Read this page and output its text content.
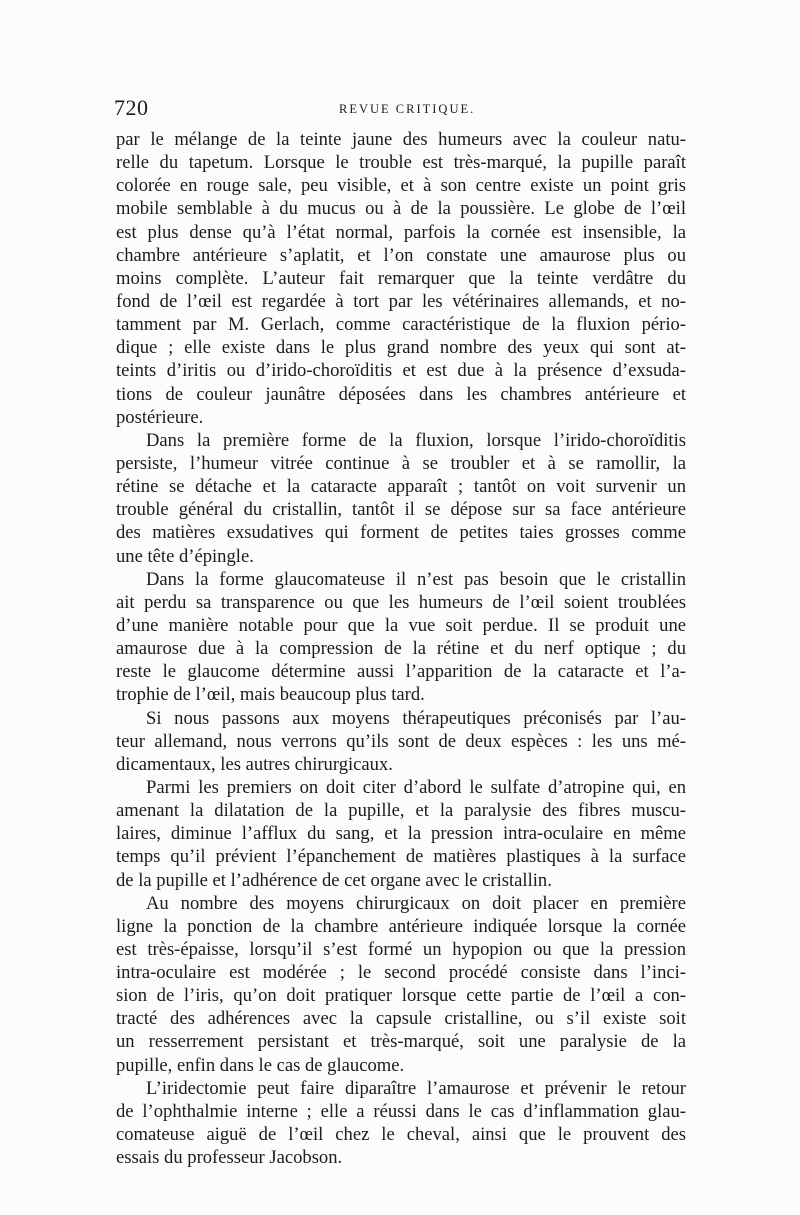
720	REVUE CRITIQUE.
par le mélange de la teinte jaune des humeurs avec la couleur natu-
relle du tapetum. Lorsque le trouble est très-marqué, la pupille paraît
colorée en rouge sale, peu visible, et à son centre existe un point gris
mobile semblable à du mucus ou à de la poussière. Le globe de l’œil
est plus dense qu’à l’état normal, parfois la cornée est insensible, la
chambre antérieure s’aplatit, et l’on constate une amaurose plus ou
moins complète. L’auteur fait remarquer que la teinte verdâtre du
fond de l’œil est regardée à tort par les vétérinaires allemands, et no-
tamment par M. Gerlach, comme caractéristique de la fluxion pério-
dique ; elle existe dans le plus grand nombre des yeux qui sont at-
teints d’iritis ou d’irido-choroïditis et est due à la présence d’exsuda-
tions de couleur jaunâtre déposées dans les chambres antérieure et
postérieure.
Dans la première forme de la fluxion, lorsque l’irido-choroïditis
persiste, l’humeur vitrée continue à se troubler et à se ramollir, la
rétine se détache et la cataracte apparaît ; tantôt on voit survenir un
trouble général du cristallin, tantôt il se dépose sur sa face antérieure
des matières exsudatives qui forment de petites taies grosses comme
une tête d’épingle.
Dans la forme glaucomateuse il n’est pas besoin que le cristallin
ait perdu sa transparence ou que les humeurs de l’œil soient troublées
d’une manière notable pour que la vue soit perdue. Il se produit une
amaurose due à la compression de la rétine et du nerf optique ; du
reste le glaucome détermine aussi l’apparition de la cataracte et l’a-
trophie de l’œil, mais beaucoup plus tard.
Si nous passons aux moyens thérapeutiques préconisés par l’au-
teur allemand, nous verrons qu’ils sont de deux espèces : les uns mé-
dicamentaux, les autres chirurgicaux.
Parmi les premiers on doit citer d’abord le sulfate d’atropine qui, en
amenant la dilatation de la pupille, et la paralysie des fibres muscu-
laires, diminue l’afflux du sang, et la pression intra-oculaire en même
temps qu’il prévient l’épanchement de matières plastiques à la surface
de la pupille et l’adhérence de cet organe avec le cristallin.
Au nombre des moyens chirurgicaux on doit placer en première
ligne la ponction de la chambre antérieure indiquée lorsque la cornée
est très-épaisse, lorsqu’il s’est formé un hypopion ou que la pression
intra-oculaire est modérée ; le second procédé consiste dans l’inci-
sion de l’iris, qu’on doit pratiquer lorsque cette partie de l’œil a con-
tracté des adhérences avec la capsule cristalline, ou s’il existe soit
un resserrement persistant et très-marqué, soit une paralysie de la
pupille, enfin dans le cas de glaucome.
L’iridectomie peut faire diparaître l’amaurose et prévenir le retour
de l’ophthalmie interne ; elle a réussi dans le cas d’inflammation glau-
comateuse aiguë de l’œil chez le cheval, ainsi que le prouvent des
essais du professeur Jacobson.
